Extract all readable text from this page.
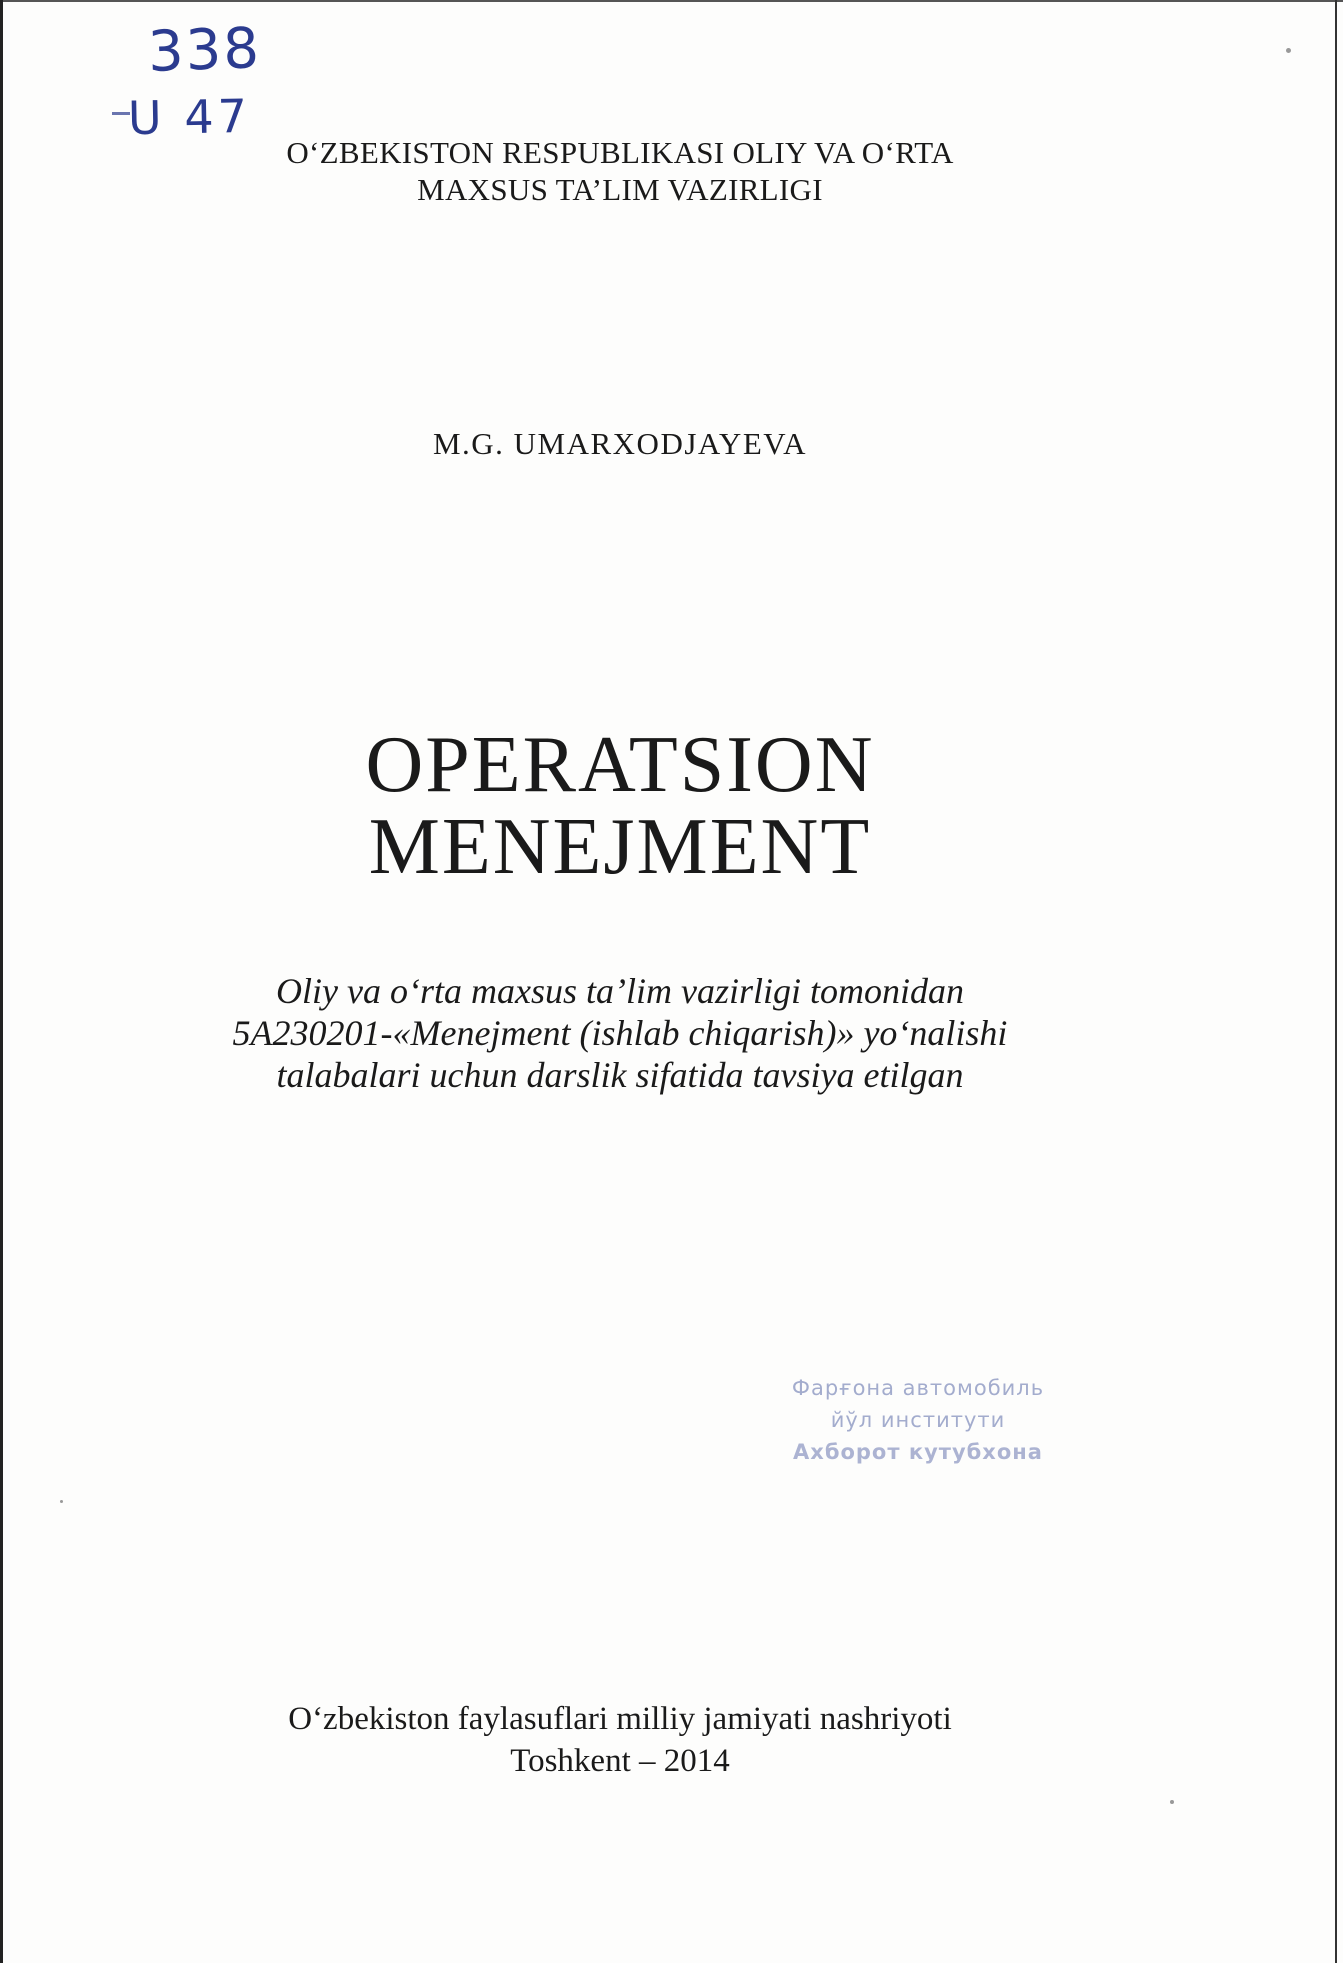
338
U 47
O‘ZBEKISTON RESPUBLIKASI OLIY VA O‘RTA
MAXSUS TA’LIM VAZIRLIGI
M.G. UMARXODJAYEVA
OPERATSION
MENEJMENT
Oliy va o‘rta maxsus ta’lim vazirligi tomonidan
5A230201-«Menejment (ishlab chiqarish)» yo‘nalishi
talabalari uchun darslik sifatida tavsiya etilgan
Фарғона автомобиль
йўл институти
Ахборот кутубхона
O‘zbekiston faylasuflari milliy jamiyati nashriyoti
Toshkent – 2014
